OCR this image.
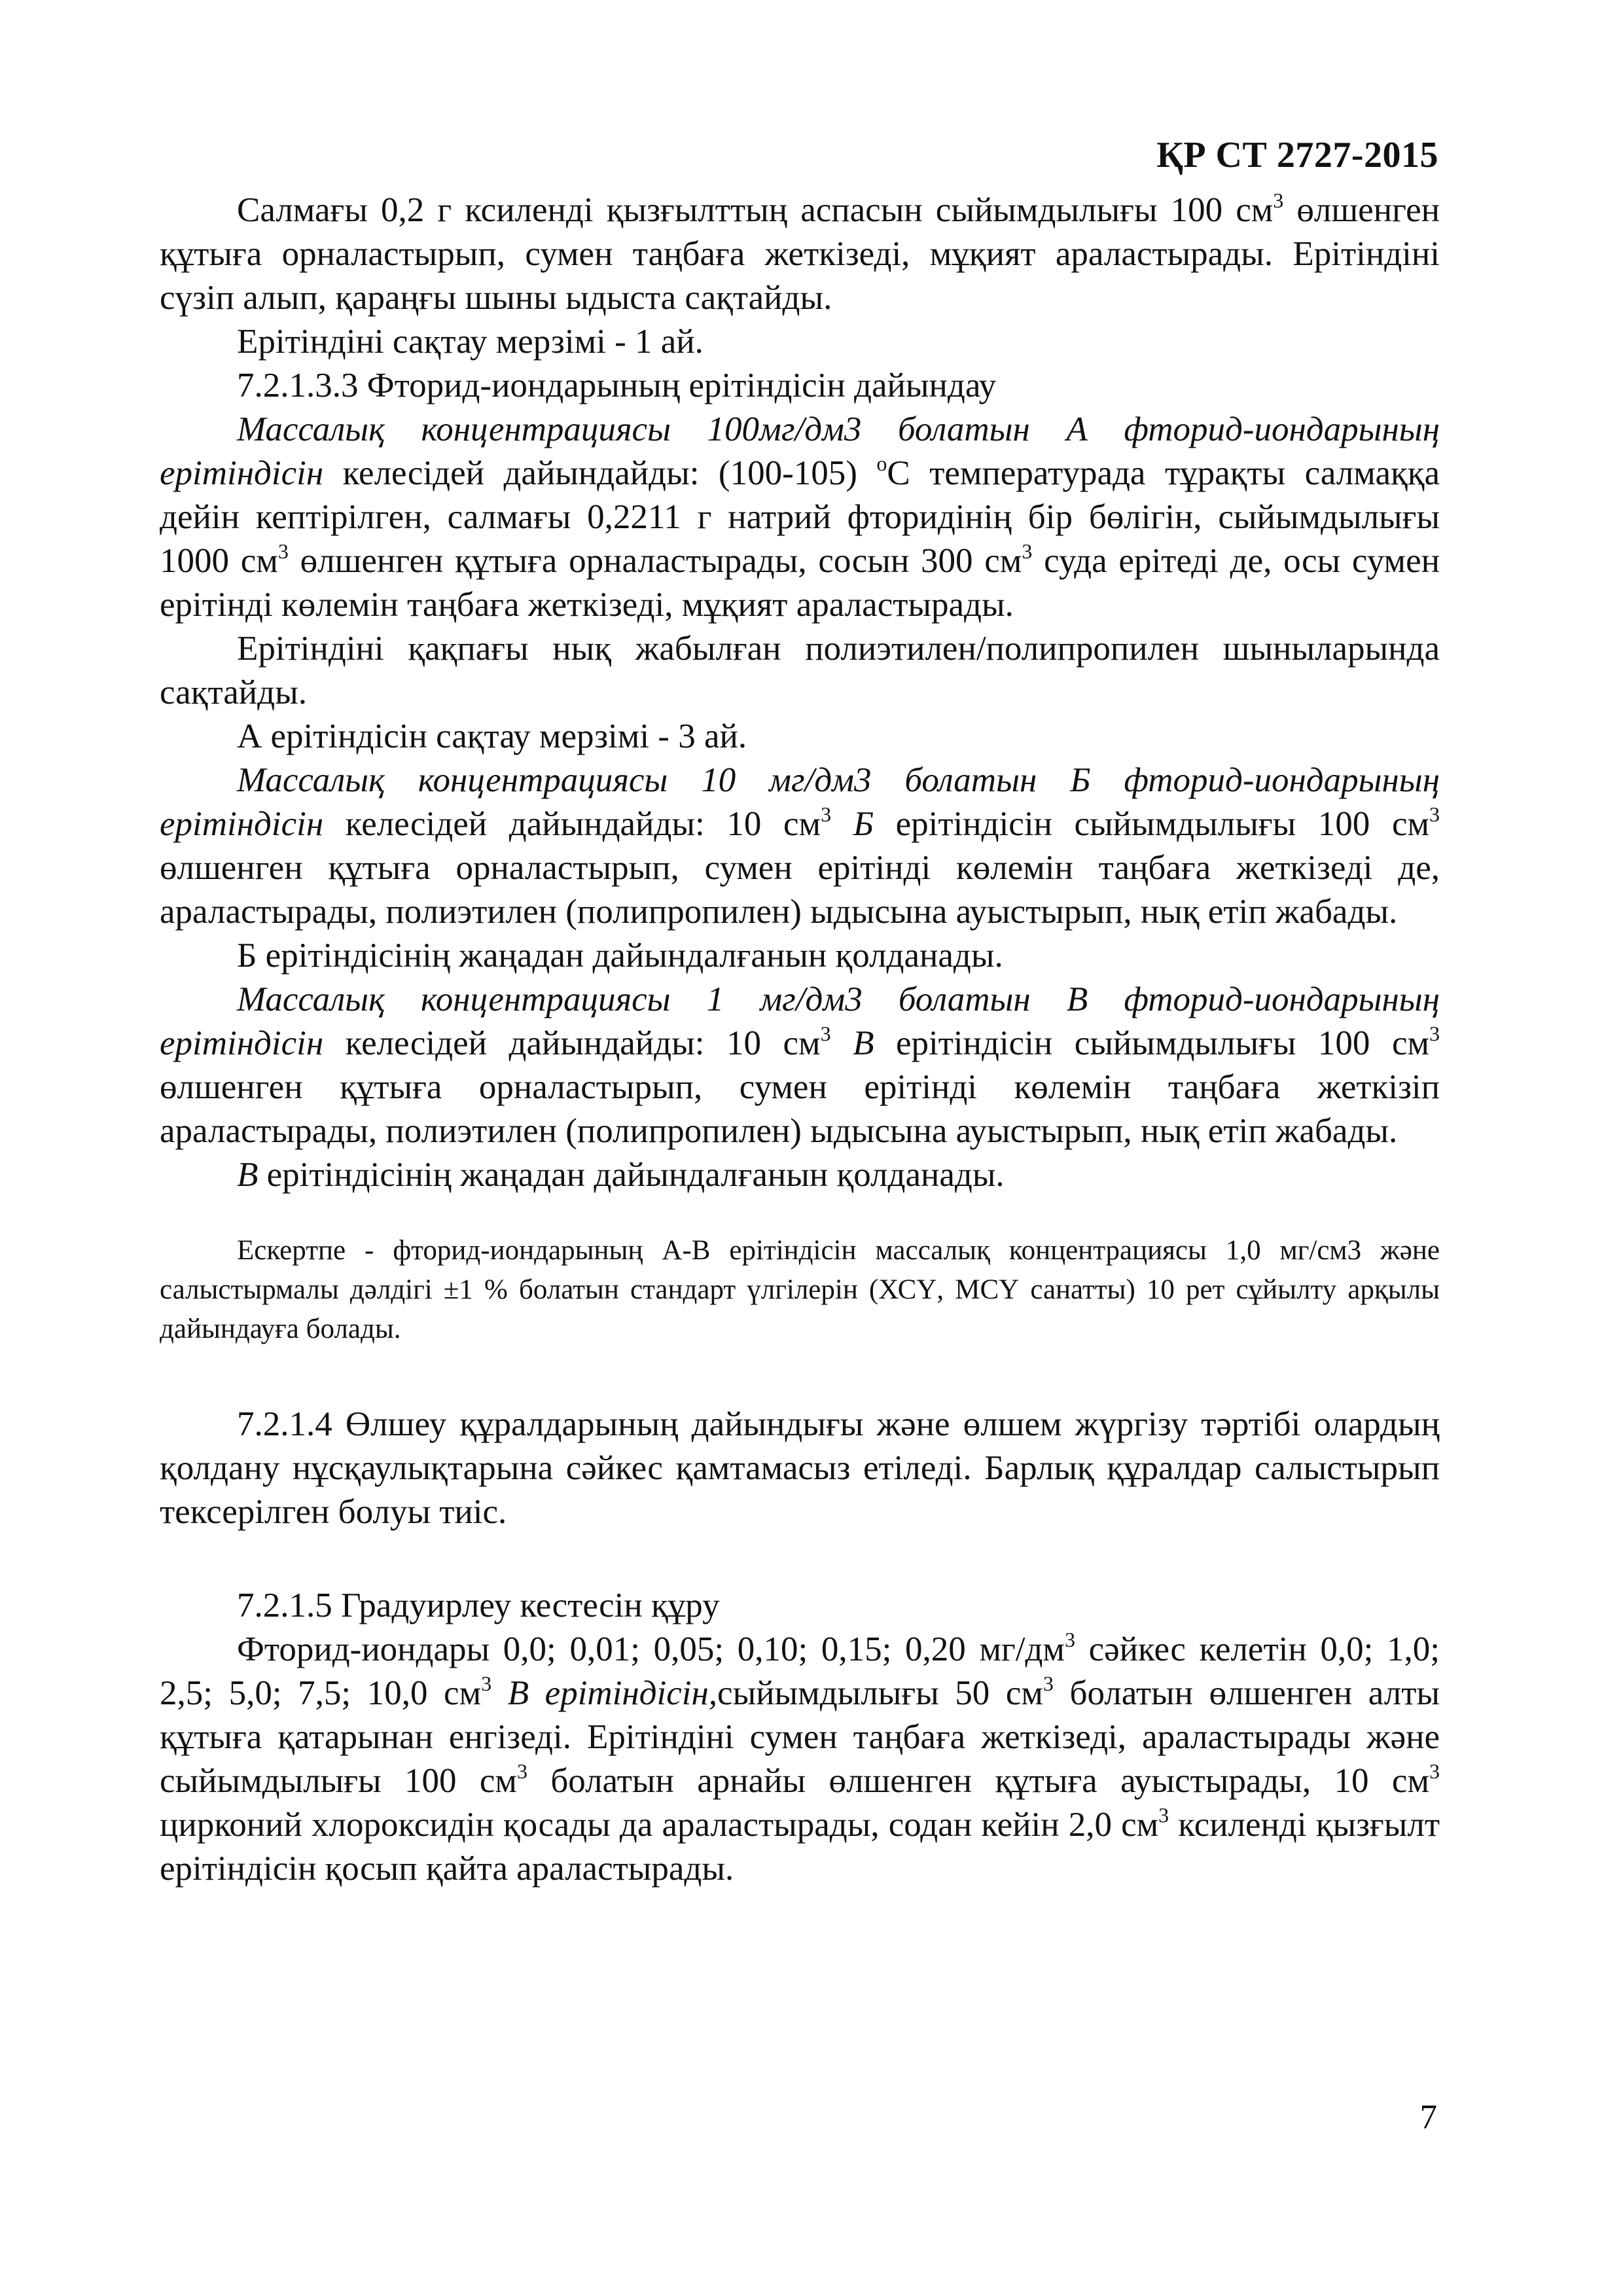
ҚР СТ 2727-2015

Салмағы 0,2 г ксиленді қызғылттың аспасын сыйымдылығы 100 $см^3$ өлшенген құтыға орналастырып, сумен таңбаға жеткізеді, мұқият араластырады. Ерітіндіні сүзіп алып, қараңғы шыны ыдыста сақтайды.

Ерітіндіні сақтау мерзімі - 1 ай.

7.2.1.3.3 Фторид-иондарының ерітіндісін дайындау

Массалық концентрациясы 100мг/дм3 болатын А фторид-иондарының ерітіндісін келесідей дайындайды: (100-105) $^o$С температурада тұрақты салмаққа дейін кептірілген, салмағы 0,2211 г натрий фторидінің бір бөлігін, сыйымдылығы 1000 $см^3$ өлшенген құтыға орналастырады, сосын 300 $см^3$ суда ерітеді де, осы сумен ерітінді көлемін таңбаға жеткізеді, мұқият араластырады.

Ерітіндіні қақпағы нық жабылған полиэтилен/полипропилен шыныларында сақтайды.

А ерітіндісін сақтау мерзімі - 3 ай.

Массалық концентрациясы 10 мг/дм3 болатын Б фторид-иондарының ерітіндісін келесідей дайындайды: 10 $см^3$ Б ерітіндісін сыйымдылығы 100 $см^3$ өлшенген құтыға орналастырып, сумен ерітінді көлемін таңбаға жеткізеді де, араластырады, полиэтилен (полипропилен) ыдысына ауыстырып, нық етіп жабады.

Б ерітіндісінің жаңадан дайындалғанын қолданады.

Массалық концентрациясы 1 мг/дм3 болатын В фторид-иондарының ерітіндісін келесідей дайындайды: 10 $см^3$ В ерітіндісін сыйымдылығы 100 $см^3$ өлшенген құтыға орналастырып, сумен ерітінді көлемін таңбаға жеткізіп араластырады, полиэтилен (полипропилен) ыдысына ауыстырып, нық етіп жабады.

В ерітіндісінің жаңадан дайындалғанын қолданады.

Ескертпе - фторид-иондарының А-В ерітіндісін массалық концентрациясы 1,0 мг/см3 және салыстырмалы дәлдігі ±1 % болатын стандарт үлгілерін (ХСҮ, МСҮ санатты) 10 рет сұйылту арқылы дайындауға болады.

7.2.1.4 Өлшеу құралдарының дайындығы және өлшем жүргізу тәртібі олардың қолдану нұсқаулықтарына сәйкес қамтамасыз етіледі. Барлық құралдар салыстырып тексерілген болуы тиіс.

7.2.1.5 Градуирлеу кестесін құру

Фторид-иондары 0,0; 0,01; 0,05; 0,10; 0,15; 0,20 $мг/дм^3$ сәйкес келетін 0,0; 1,0; 2,5; 5,0; 7,5; 10,0 $см^3$ В ерітіндісін,сыйымдылығы 50 $см^3$ болатын өлшенген алты құтыға қатарынан енгізеді. Ерітіндіні сумен таңбаға жеткізеді, араластырады және сыйымдылығы 100 $см^3$ болатын арнайы өлшенген құтыға ауыстырады, 10 $см^3$ цирконий хлороксидін қосады да араластырады, содан кейін 2,0 $см^3$ ксиленді қызғылт ерітіндісін қосып қайта араластырады.

7
